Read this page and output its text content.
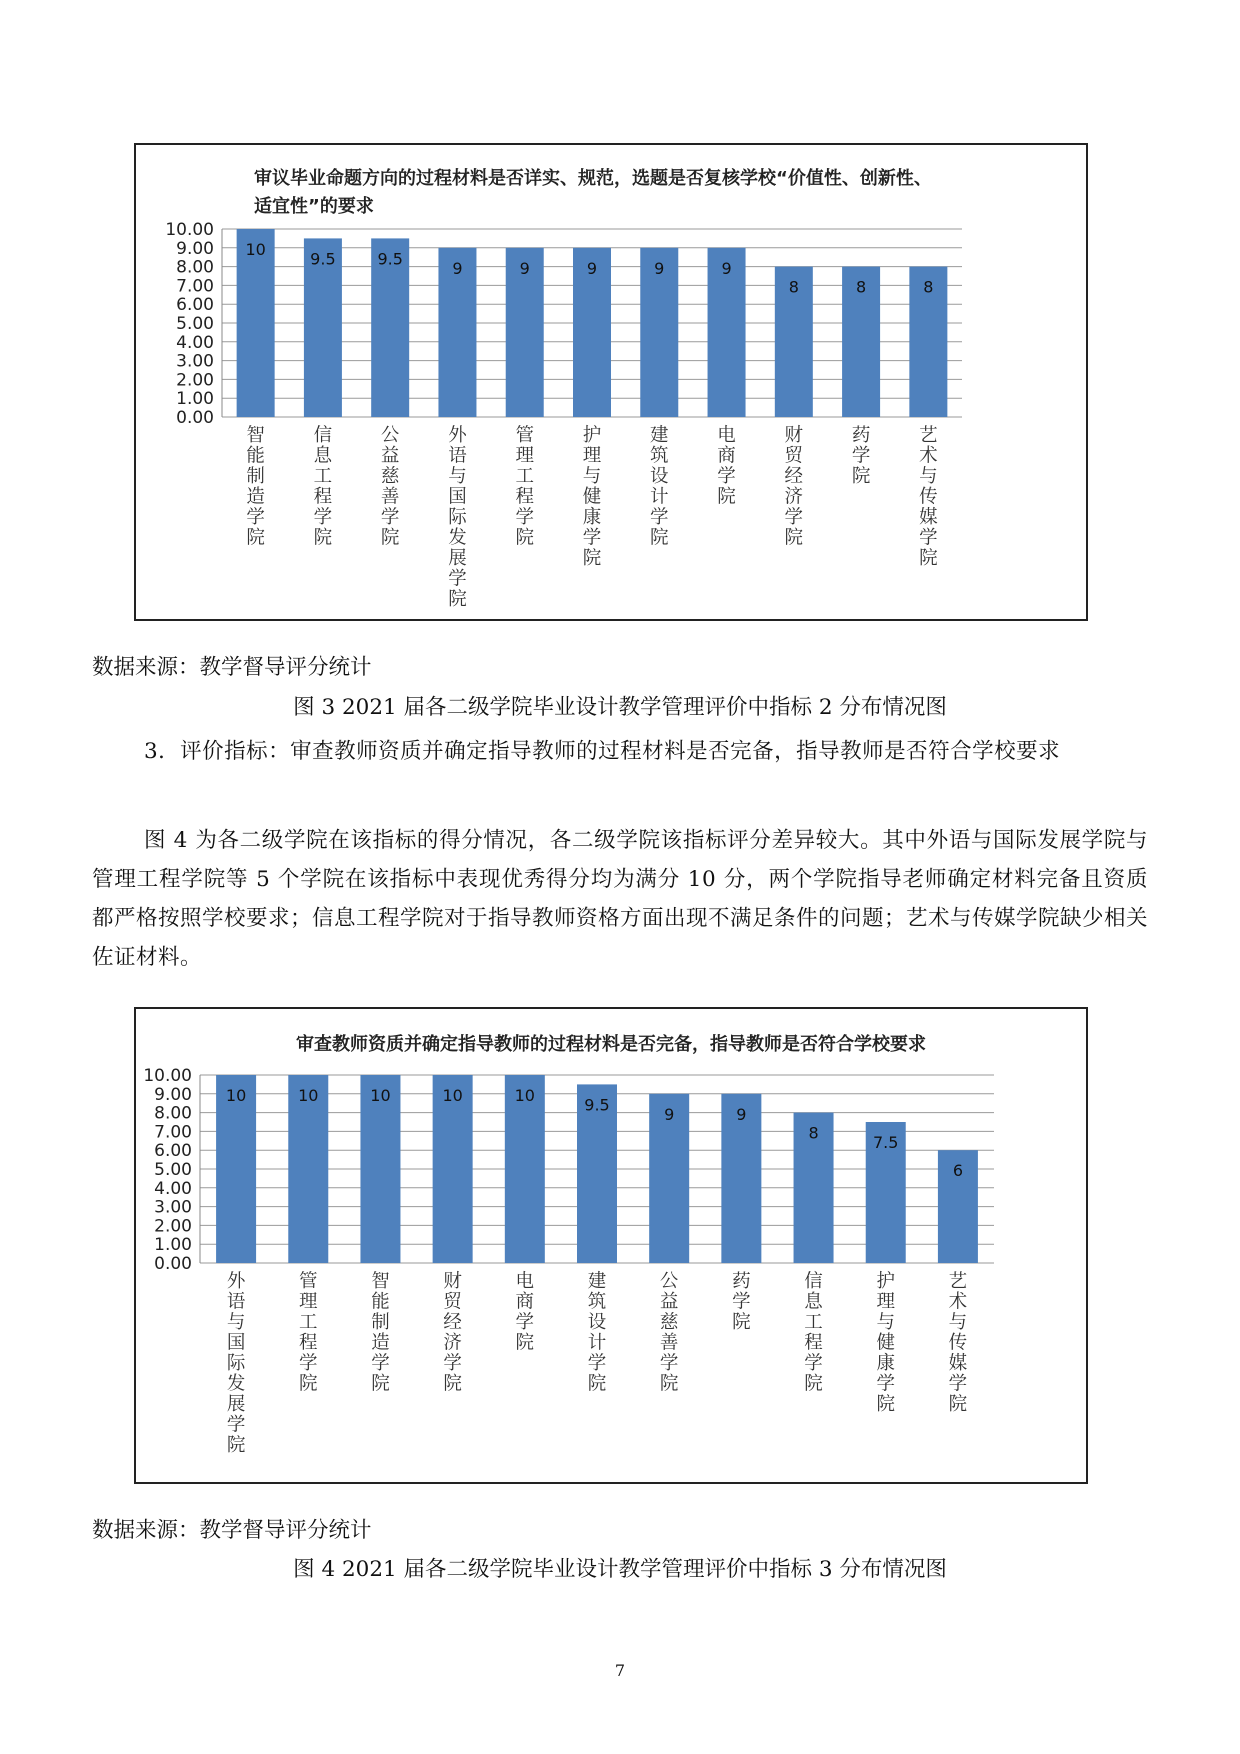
审议毕业命题方向的过程材料是否详实、规范，选题是否复核学校“价值性、创新性、适宜性”的要求

0.00
1.00
2.00
3.00
4.00
5.00
6.00
7.00
8.00
9.00
10.00
10
智
能
制
造
学
院
9.5
信
息
工
程
学
院
9.5
公
益
慈
善
学
院
9
外
语
与
国
际
发
展
学
院
9
管
理
工
程
学
院
9
护
理
与
健
康
学
院
9
建
筑
设
计
学
院
9
电
商
学
院
8
财
贸
经
济
学
院
8
药
学
院
8
艺
术
与
传
媒
学
院

数据来源：教学督导评分统计

图 3 2021 届各二级学院毕业设计教学管理评价中指标 2 分布情况图

3．评价指标：审查教师资质并确定指导教师的过程材料是否完备，指导教师是否符合学校要求

图 4 为各二级学院在该指标的得分情况，各二级学院该指标评分差异较大。其中外语与国际发展学院与管理工程学院等 5 个学院在该指标中表现优秀得分均为满分 10 分，两个学院指导老师确定材料完备且资质都严格按照学校要求；信息工程学院对于指导教师资格方面出现不满足条件的问题；艺术与传媒学院缺少相关佐证材料。

审查教师资质并确定指导教师的过程材料是否完备，指导教师是否符合学校要求

0.00
1.00
2.00
3.00
4.00
5.00
6.00
7.00
8.00
9.00
10.00
10
外
语
与
国
际
发
展
学
院
10
管
理
工
程
学
院
10
智
能
制
造
学
院
10
财
贸
经
济
学
院
10
电
商
学
院
9.5
建
筑
设
计
学
院
9
公
益
慈
善
学
院
9
药
学
院
8
信
息
工
程
学
院
7.5
护
理
与
健
康
学
院
6
艺
术
与
传
媒
学
院

数据来源：教学督导评分统计

图 4 2021 届各二级学院毕业设计教学管理评价中指标 3 分布情况图

7
